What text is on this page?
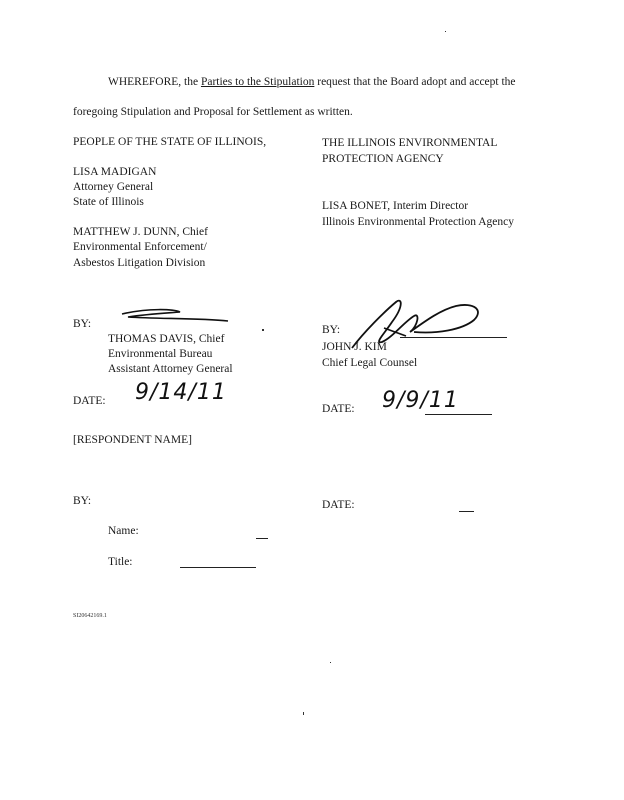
WHEREFORE, the Parties to the Stipulation request that the Board adopt and accept the
foregoing Stipulation and Proposal for Settlement as written.
PEOPLE OF THE STATE OF ILLINOIS,
LISA MADIGAN
Attorney General
State of Illinois
MATTHEW J. DUNN, Chief
Environmental Enforcement/
Asbestos Litigation Division
BY:
THOMAS DAVIS, Chief
Environmental Bureau
Assistant Attorney General
DATE: 9/14/11
THE ILLINOIS ENVIRONMENTAL
PROTECTION AGENCY
LISA BONET, Interim Director
Illinois Environmental Protection Agency
BY:
JOHN J. KIM
Chief Legal Counsel
DATE: 9/9/11
[RESPONDENT NAME]
BY:	DATE:
Name:
Title:
SI20642169.1
